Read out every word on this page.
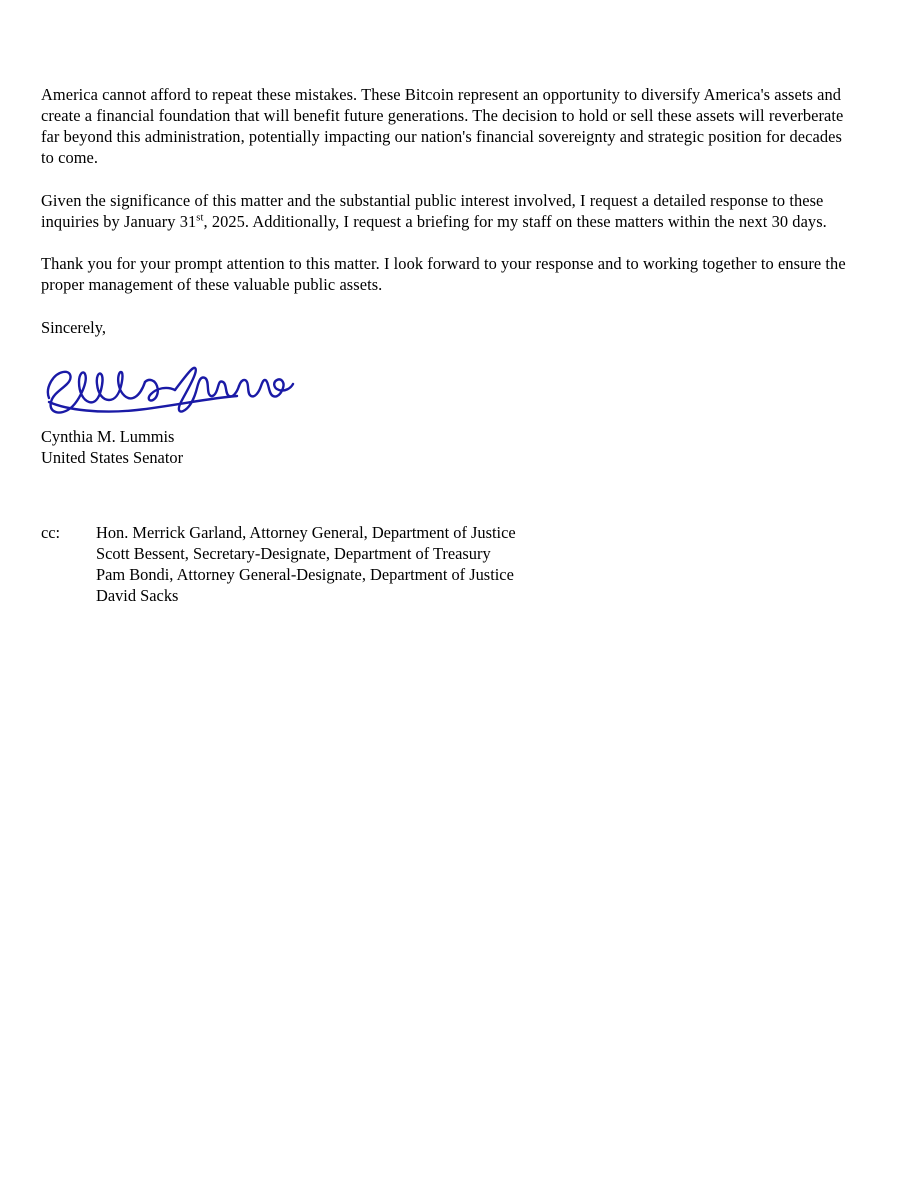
America cannot afford to repeat these mistakes. These Bitcoin represent an opportunity to diversify America's assets and create a financial foundation that will benefit future generations. The decision to hold or sell these assets will reverberate far beyond this administration, potentially impacting our nation's financial sovereignty and strategic position for decades to come.

Given the significance of this matter and the substantial public interest involved, I request a detailed response to these inquiries by January 31st, 2025. Additionally, I request a briefing for my staff on these matters within the next 30 days.

Thank you for your prompt attention to this matter. I look forward to your response and to working together to ensure the proper management of these valuable public assets.

Sincerely,

Cynthia M. Lummis
United States Senator
cc:	Hon. Merrick Garland, Attorney General, Department of Justice
Scott Bessent, Secretary-Designate, Department of Treasury
Pam Bondi, Attorney General-Designate, Department of Justice
David Sacks
